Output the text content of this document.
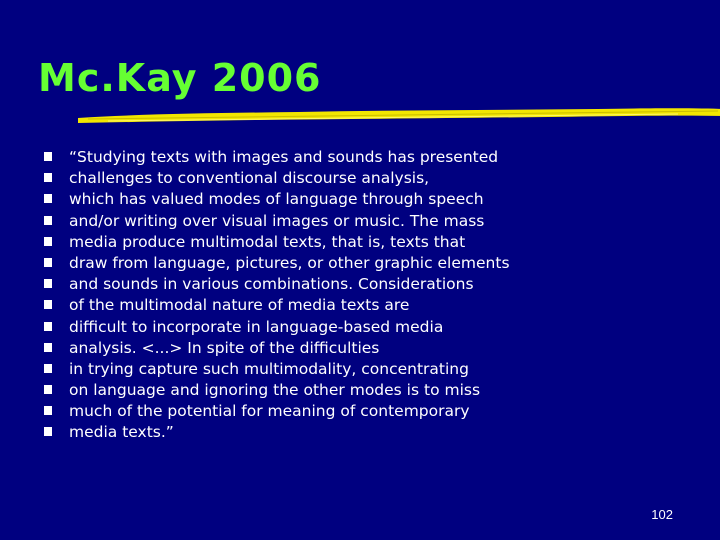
Mc.Kay 2006
“Studying texts with images and sounds has presented
challenges to conventional discourse analysis,
which has valued modes of language through speech
and/or writing over visual images or music. The mass
media produce multimodal texts, that is, texts that
draw from language, pictures, or other graphic elements
and sounds in various combinations. Considerations
of the multimodal nature of media texts are
difficult to incorporate in language-based media
analysis. <...> In spite of the difficulties
in trying capture such multimodality, concentrating
on language and ignoring the other modes is to miss
much of the potential for meaning of contemporary
media texts.”
102
